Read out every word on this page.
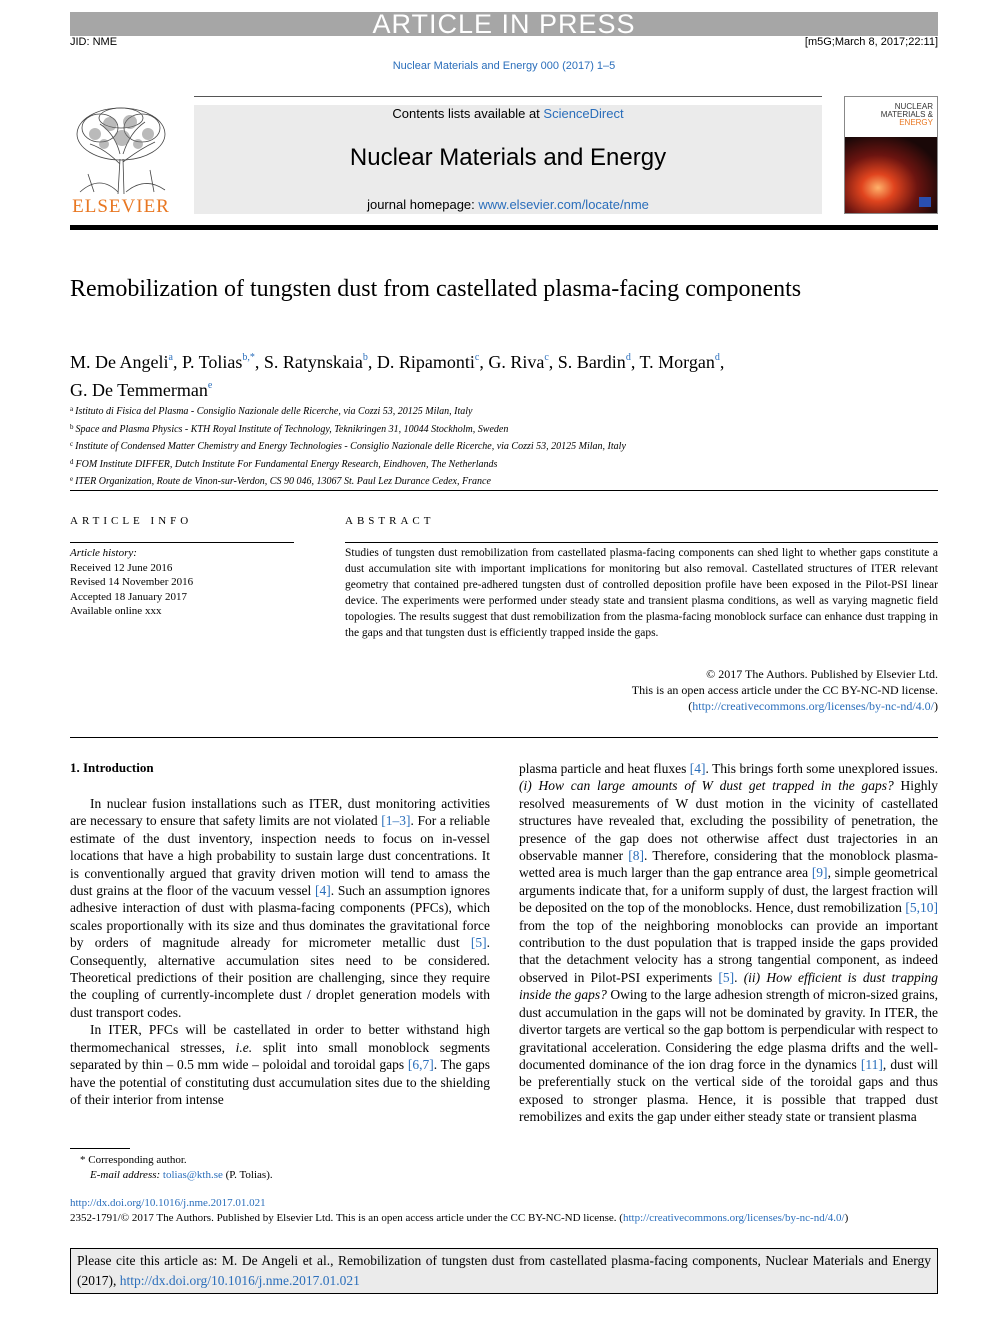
ARTICLE IN PRESS
JID: NME	[m5G;March 8, 2017;22:11]
Nuclear Materials and Energy 000 (2017) 1–5
ELSEVIER
Contents lists available at ScienceDirect
Nuclear Materials and Energy
journal homepage: www.elsevier.com/locate/nme
NUCLEAR
MATERIALS &
ENERGY
Remobilization of tungsten dust from castellated plasma-facing components
M. De Angeli$^a$, P. Tolias$^{b,*}$, S. Ratynskaia$^b$, D. Ripamonti$^c$, G. Riva$^c$, S. Bardin$^d$, T. Morgan$^d$,
G. De Temmerman$^e$
$^a$ Istituto di Fisica del Plasma - Consiglio Nazionale delle Ricerche, via Cozzi 53, 20125 Milan, Italy
$^b$ Space and Plasma Physics - KTH Royal Institute of Technology, Teknikringen 31, 10044 Stockholm, Sweden
$^c$ Institute of Condensed Matter Chemistry and Energy Technologies - Consiglio Nazionale delle Ricerche, via Cozzi 53, 20125 Milan, Italy
$^d$ FOM Institute DIFFER, Dutch Institute For Fundamental Energy Research, Eindhoven, The Netherlands
$^e$ ITER Organization, Route de Vinon-sur-Verdon, CS 90 046, 13067 St. Paul Lez Durance Cedex, France
ARTICLE INFO
Article history:
Received 12 June 2016
Revised 14 November 2016
Accepted 18 January 2017
Available online xxx
ABSTRACT
Studies of tungsten dust remobilization from castellated plasma-facing components can shed light to whether gaps constitute a dust accumulation site with important implications for monitoring but also removal. Castellated structures of ITER relevant geometry that contained pre-adhered tungsten dust of controlled deposition profile have been exposed in the Pilot-PSI linear device. The experiments were performed under steady state and transient plasma conditions, as well as varying magnetic field topologies. The results suggest that dust remobilization from the plasma-facing monoblock surface can enhance dust trapping in the gaps and that tungsten dust is efficiently trapped inside the gaps.
© 2017 The Authors. Published by Elsevier Ltd.
This is an open access article under the CC BY-NC-ND license.
(http://creativecommons.org/licenses/by-nc-nd/4.0/)
1. Introduction

In nuclear fusion installations such as ITER, dust monitoring activities are necessary to ensure that safety limits are not violated [1–3]. For a reliable estimate of the dust inventory, inspection needs to focus on in-vessel locations that have a high probability to sustain large dust concentrations. It is conventionally argued that gravity driven motion will tend to amass the dust grains at the floor of the vacuum vessel [4]. Such an assumption ignores adhesive interaction of dust with plasma-facing components (PFCs), which scales proportionally with its size and thus dominates the gravitational force by orders of magnitude already for micrometer metallic dust [5]. Consequently, alternative accumulation sites need to be considered. Theoretical predictions of their position are challenging, since they require the coupling of currently-incomplete dust / droplet generation models with dust transport codes.

In ITER, PFCs will be castellated in order to better withstand high thermomechanical stresses, i.e. split into small monoblock segments separated by thin – 0.5 mm wide – poloidal and toroidal gaps [6,7]. The gaps have the potential of constituting dust accumulation sites due to the shielding of their interior from intense

plasma particle and heat fluxes [4]. This brings forth some unexplored issues. (i) How can large amounts of W dust get trapped in the gaps? Highly resolved measurements of W dust motion in the vicinity of castellated structures have revealed that, excluding the possibility of penetration, the presence of the gap does not otherwise affect dust trajectories in an observable manner [8]. Therefore, considering that the monoblock plasma-wetted area is much larger than the gap entrance area [9], simple geometrical arguments indicate that, for a uniform supply of dust, the largest fraction will be deposited on the top of the monoblocks. Hence, dust remobilization [5,10] from the top of the neighboring monoblocks can provide an important contribution to the dust population that is trapped inside the gaps provided that the detachment velocity has a strong tangential component, as indeed observed in Pilot-PSI experiments [5]. (ii) How efficient is dust trapping inside the gaps? Owing to the large adhesion strength of micron-sized grains, dust accumulation in the gaps will not be dominated by gravity. In ITER, the divertor targets are vertical so the gap bottom is perpendicular with respect to gravitational acceleration. Considering the edge plasma drifts and the well-documented dominance of the ion drag force in the dynamics [11], dust will be preferentially stuck on the vertical side of the toroidal gaps and thus exposed to stronger plasma. Hence, it is possible that trapped dust remobilizes and exits the gap under either steady state or transient plasma

* Corresponding author.
E-mail address: tolias@kth.se (P. Tolias).
http://dx.doi.org/10.1016/j.nme.2017.01.021
2352-1791/© 2017 The Authors. Published by Elsevier Ltd. This is an open access article under the CC BY-NC-ND license. (http://creativecommons.org/licenses/by-nc-nd/4.0/)
Please cite this article as: M. De Angeli et al., Remobilization of tungsten dust from castellated plasma-facing components, Nuclear Materials and Energy (2017), http://dx.doi.org/10.1016/j.nme.2017.01.021
